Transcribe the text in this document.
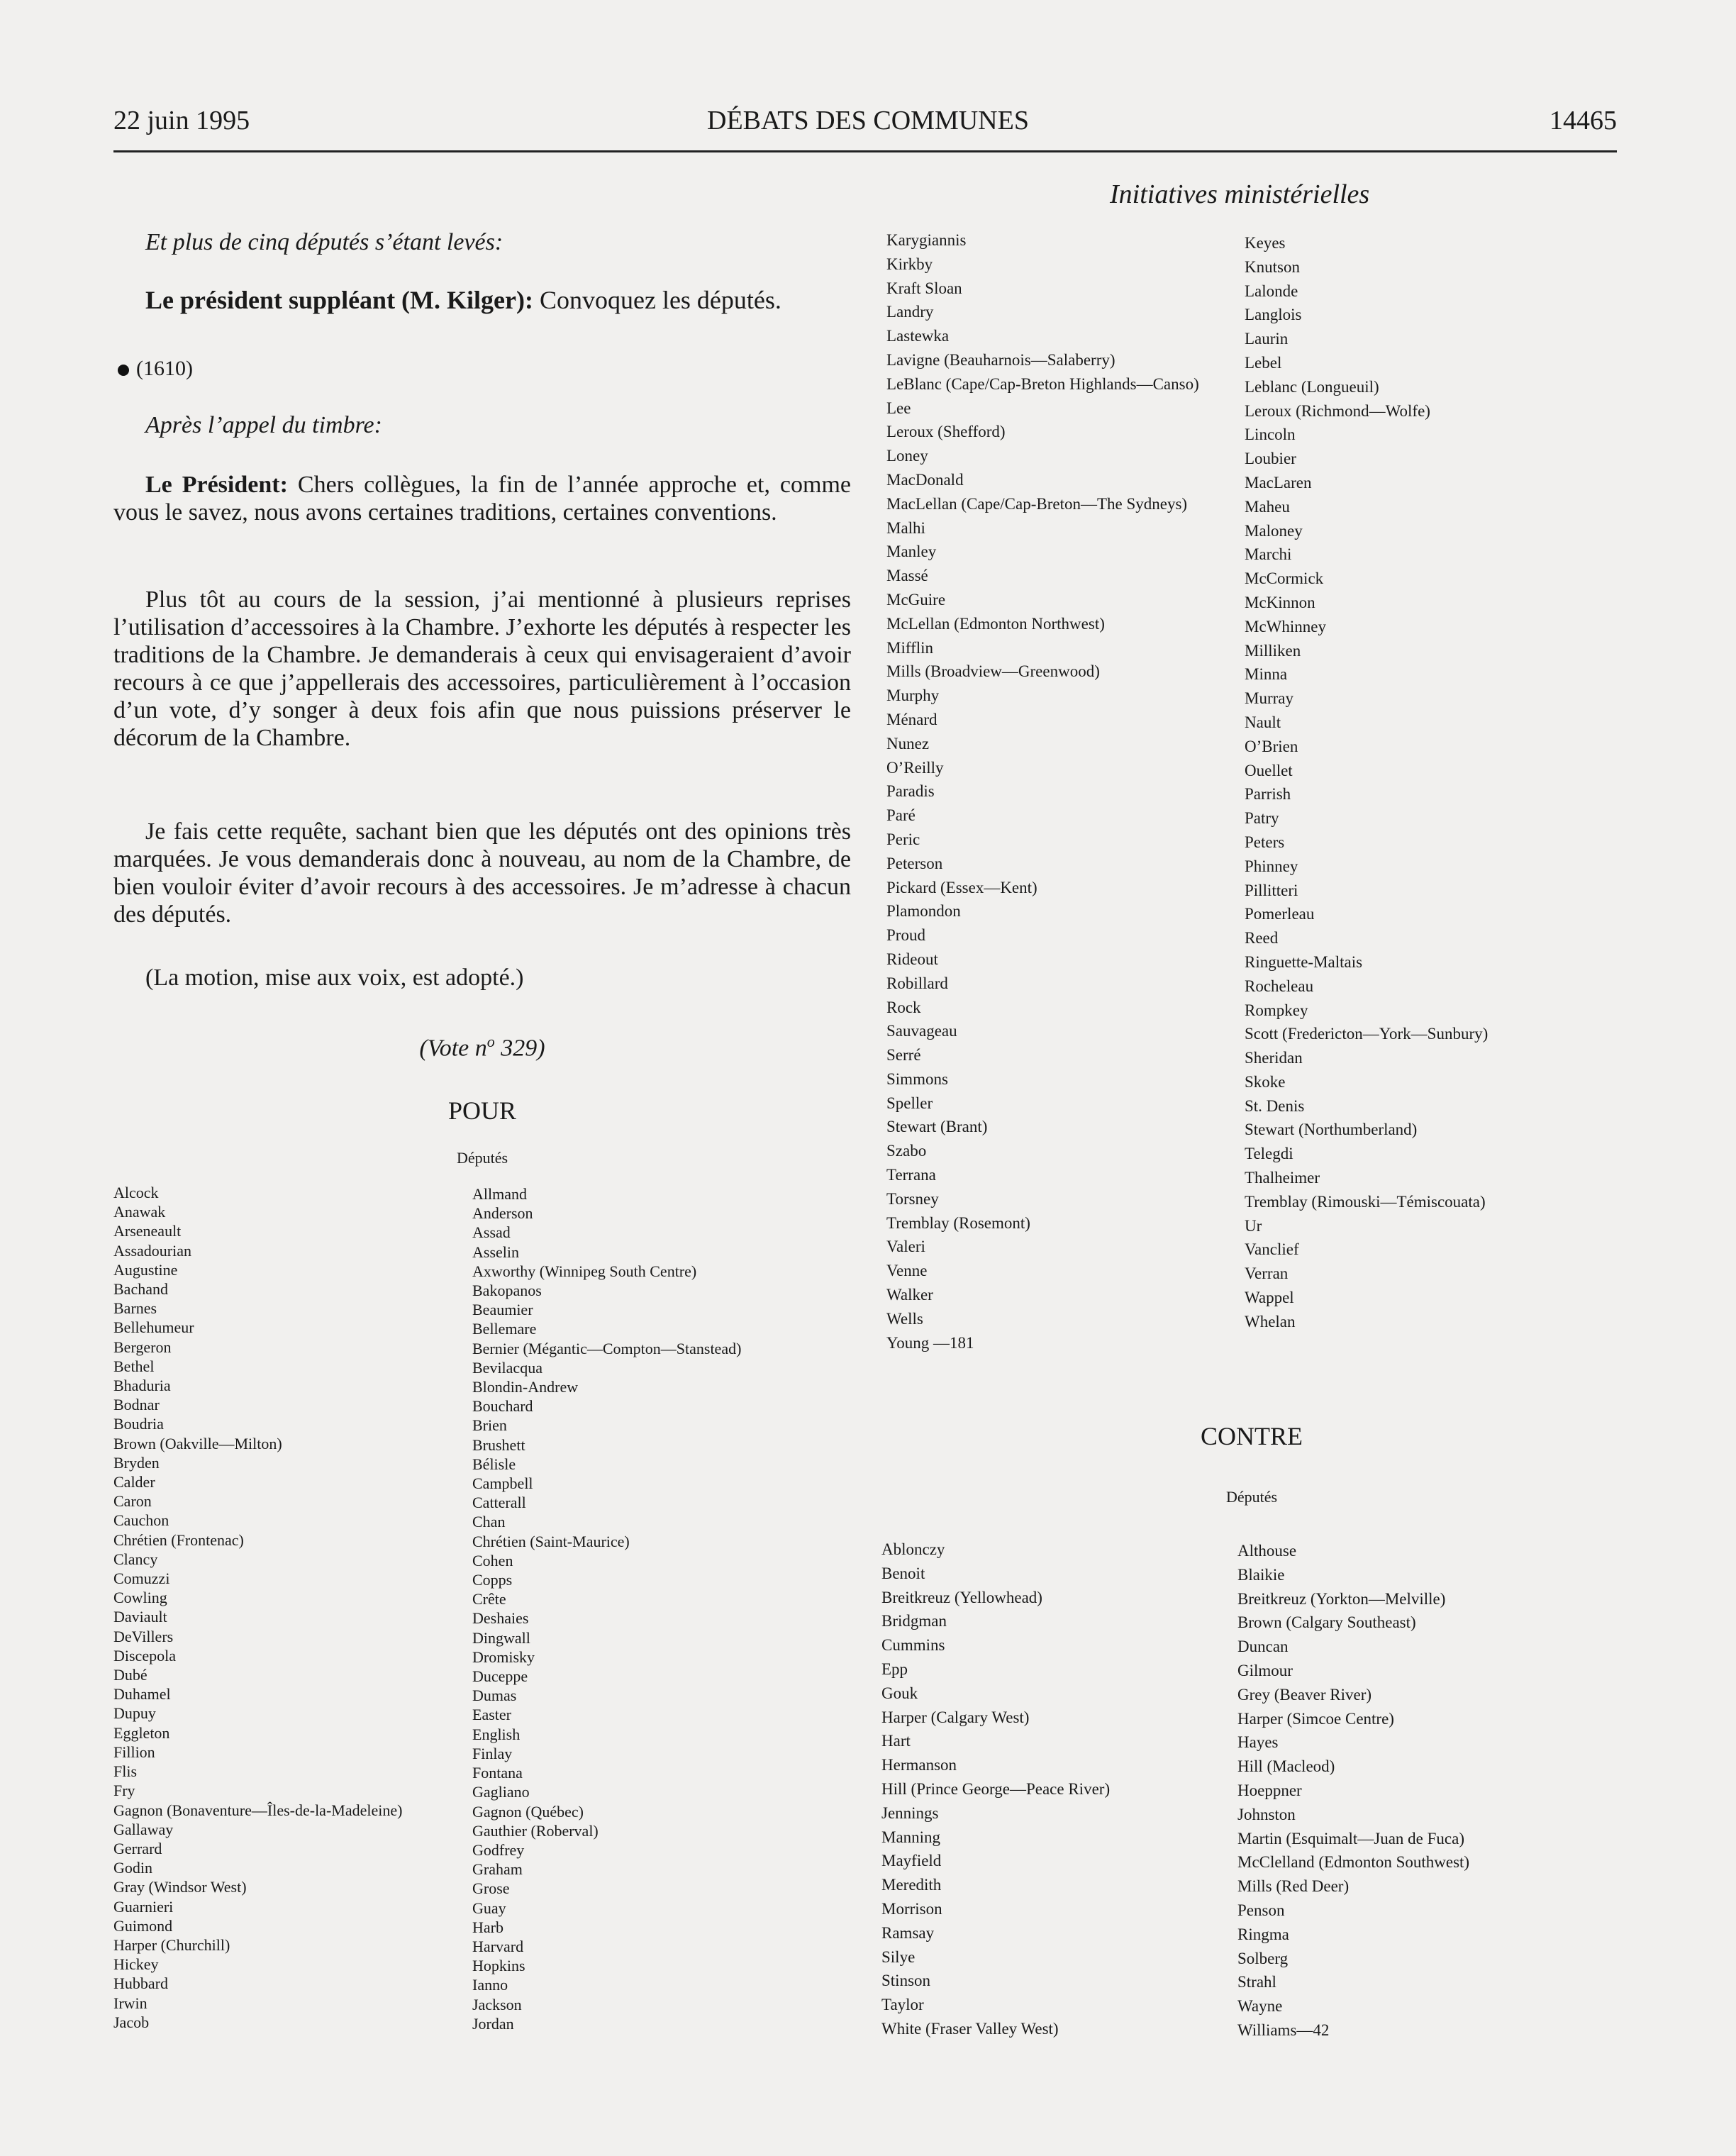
22 juin 1995	DÉBATS DES COMMUNES	14465
Initiatives ministérielles
Et plus de cinq députés s’étant levés:
Le président suppléant (M. Kilger): Convoquez les députés.
(1610)
Après l’appel du timbre:
Le Président: Chers collègues, la fin de l’année approche et, comme vous le savez, nous avons certaines traditions, certaines conventions.
Plus tôt au cours de la session, j’ai mentionné à plusieurs reprises l’utilisation d’accessoires à la Chambre. J’exhorte les députés à respecter les traditions de la Chambre. Je demanderais à ceux qui envisageraient d’avoir recours à ce que j’appellerais des accessoires, particulièrement à l’occasion d’un vote, d’y songer à deux fois afin que nous puissions préserver le décorum de la Chambre.
Je fais cette requête, sachant bien que les députés ont des opinions très marquées. Je vous demanderais donc à nouveau, au nom de la Chambre, de bien vouloir éviter d’avoir recours à des accessoires. Je m’adresse à chacun des députés.
(La motion, mise aux voix, est adopté.)
(Vote $n^o$ 329)
POUR
Députés
Alcock
Anawak
Arseneault
Assadourian
Augustine
Bachand
Barnes
Bellehumeur
Bergeron
Bethel
Bhaduria
Bodnar
Boudria
Brown (Oakville—Milton)
Bryden
Calder
Caron
Cauchon
Chrétien (Frontenac)
Clancy
Comuzzi
Cowling
Daviault
DeVillers
Discepola
Dubé
Duhamel
Dupuy
Eggleton
Fillion
Flis
Fry
Gagnon (Bonaventure—Îles-de-la-Madeleine)
Gallaway
Gerrard
Godin
Gray (Windsor West)
Guarnieri
Guimond
Harper (Churchill)
Hickey
Hubbard
Irwin
Jacob
Allmand
Anderson
Assad
Asselin
Axworthy (Winnipeg South Centre)
Bakopanos
Beaumier
Bellemare
Bernier (Mégantic—Compton—Stanstead)
Bevilacqua
Blondin-Andrew
Bouchard
Brien
Brushett
Bélisle
Campbell
Catterall
Chan
Chrétien (Saint-Maurice)
Cohen
Copps
Crête
Deshaies
Dingwall
Dromisky
Duceppe
Dumas
Easter
English
Finlay
Fontana
Gagliano
Gagnon (Québec)
Gauthier (Roberval)
Godfrey
Graham
Grose
Guay
Harb
Harvard
Hopkins
Ianno
Jackson
Jordan
Karygiannis
Kirkby
Kraft Sloan
Landry
Lastewka
Lavigne (Beauharnois—Salaberry)
LeBlanc (Cape/Cap-Breton Highlands—Canso)
Lee
Leroux (Shefford)
Loney
MacDonald
MacLellan (Cape/Cap-Breton—The Sydneys)
Malhi
Manley
Massé
McGuire
McLellan (Edmonton Northwest)
Mifflin
Mills (Broadview—Greenwood)
Murphy
Ménard
Nunez
O’Reilly
Paradis
Paré
Peric
Peterson
Pickard (Essex—Kent)
Plamondon
Proud
Rideout
Robillard
Rock
Sauvageau
Serré
Simmons
Speller
Stewart (Brant)
Szabo
Terrana
Torsney
Tremblay (Rosemont)
Valeri
Venne
Walker
Wells
Young —181
Keyes
Knutson
Lalonde
Langlois
Laurin
Lebel
Leblanc (Longueuil)
Leroux (Richmond—Wolfe)
Lincoln
Loubier
MacLaren
Maheu
Maloney
Marchi
McCormick
McKinnon
McWhinney
Milliken
Minna
Murray
Nault
O’Brien
Ouellet
Parrish
Patry
Peters
Phinney
Pillitteri
Pomerleau
Reed
Ringuette-Maltais
Rocheleau
Rompkey
Scott (Fredericton—York—Sunbury)
Sheridan
Skoke
St. Denis
Stewart (Northumberland)
Telegdi
Thalheimer
Tremblay (Rimouski—Témiscouata)
Ur
Vanclief
Verran
Wappel
Whelan
CONTRE
Députés
Ablonczy
Benoit
Breitkreuz (Yellowhead)
Bridgman
Cummins
Epp
Gouk
Harper (Calgary West)
Hart
Hermanson
Hill (Prince George—Peace River)
Jennings
Manning
Mayfield
Meredith
Morrison
Ramsay
Silye
Stinson
Taylor
White (Fraser Valley West)
Althouse
Blaikie
Breitkreuz (Yorkton—Melville)
Brown (Calgary Southeast)
Duncan
Gilmour
Grey (Beaver River)
Harper (Simcoe Centre)
Hayes
Hill (Macleod)
Hoeppner
Johnston
Martin (Esquimalt—Juan de Fuca)
McClelland (Edmonton Southwest)
Mills (Red Deer)
Penson
Ringma
Solberg
Strahl
Wayne
Williams—42
